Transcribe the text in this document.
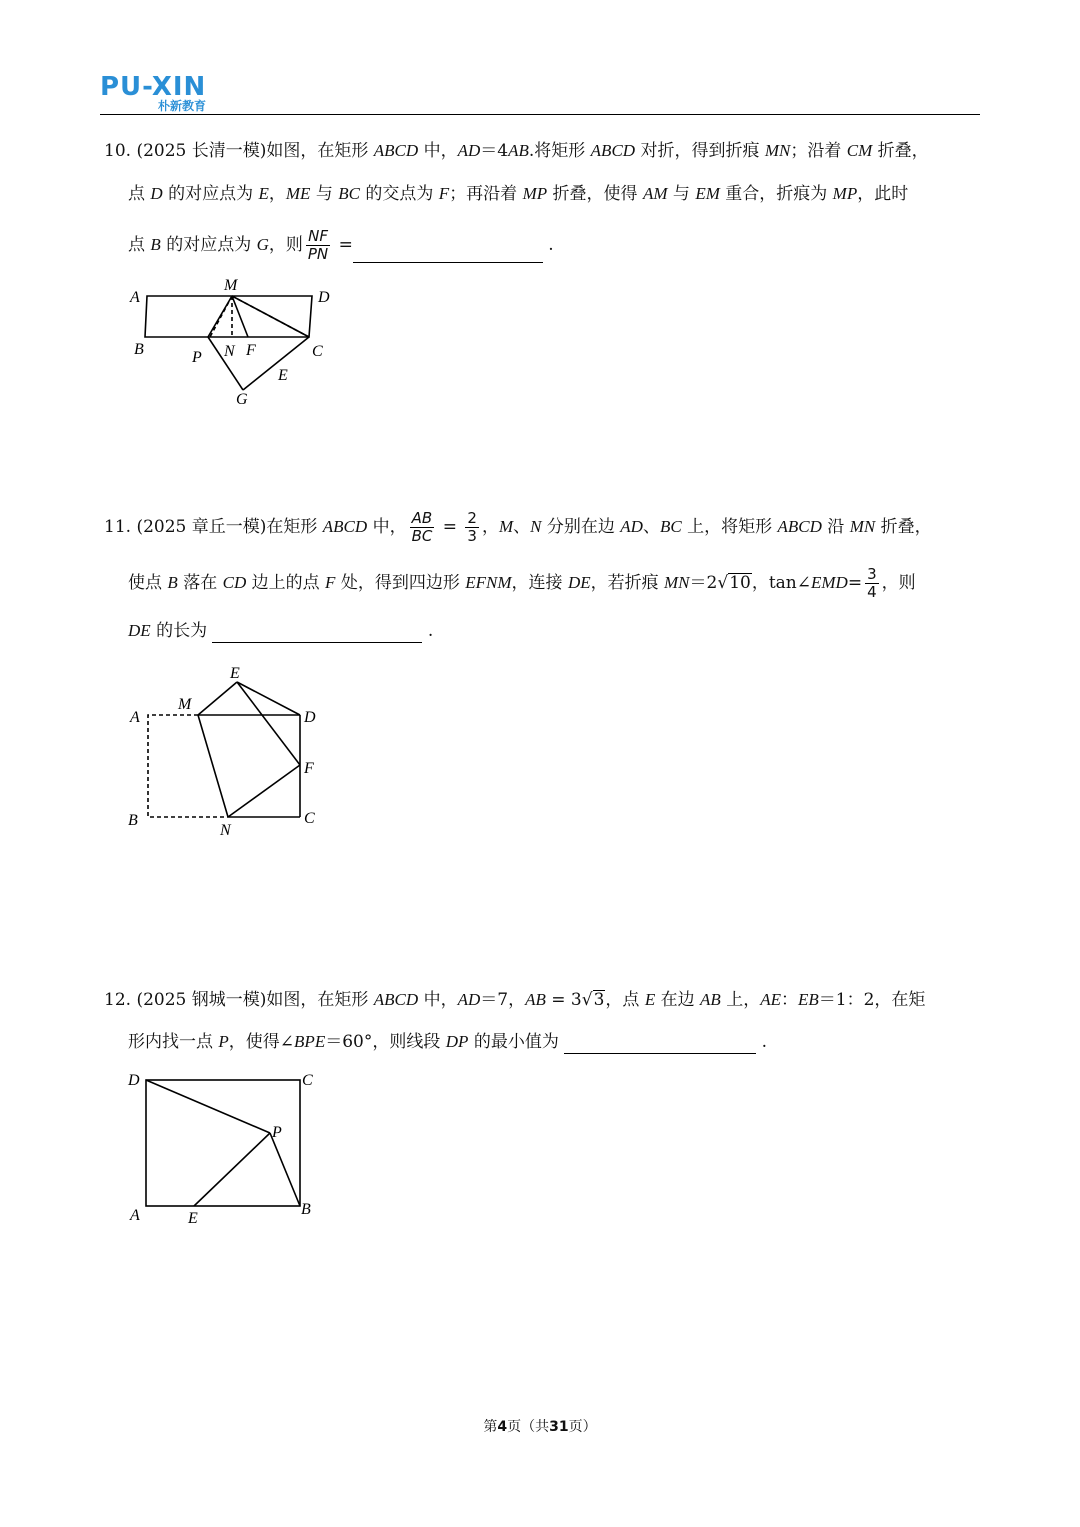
PU-XIN
朴新教育
10. (2025 长清一模)如图，在矩形 ABCD 中，AD＝4AB.将矩形 ABCD 对折，得到折痕 MN；沿着 CM 折叠，
点 D 的对应点为 E，ME 与 BC 的交点为 F；再沿着 MP 折叠，使得 AM 与 EM 重合，折痕为 MP，此时
点 B 的对应点为 G，则 $\frac{NF}{PN}$ =	.
A
M
D
B	P N F	C
E
G
11. (2025 章丘一模)在矩形 ABCD 中， $\frac{AB}{BC} = \frac{2}{3}$ ，M、N 分别在边 AD、BC 上，将矩形 ABCD 沿 MN 折叠，
使点 B 落在 CD 边上的点 F 处，得到四边形 EFNM，连接 DE，若折痕 MN＝2√10，tan∠EMD= $\frac{3}{4}$ ，则
DE 的长为	.
A
M
E
D
F
C
B
N
12. (2025 钢城一模)如图，在矩形 ABCD 中，AD＝7，AB = 3√3，点 E 在边 AB 上，AE：EB＝1：2，在矩
形内找一点 P，使得∠BPE＝60°，则线段 DP 的最小值为	.
D	C
P
A	E
B
第4页（共31页）
